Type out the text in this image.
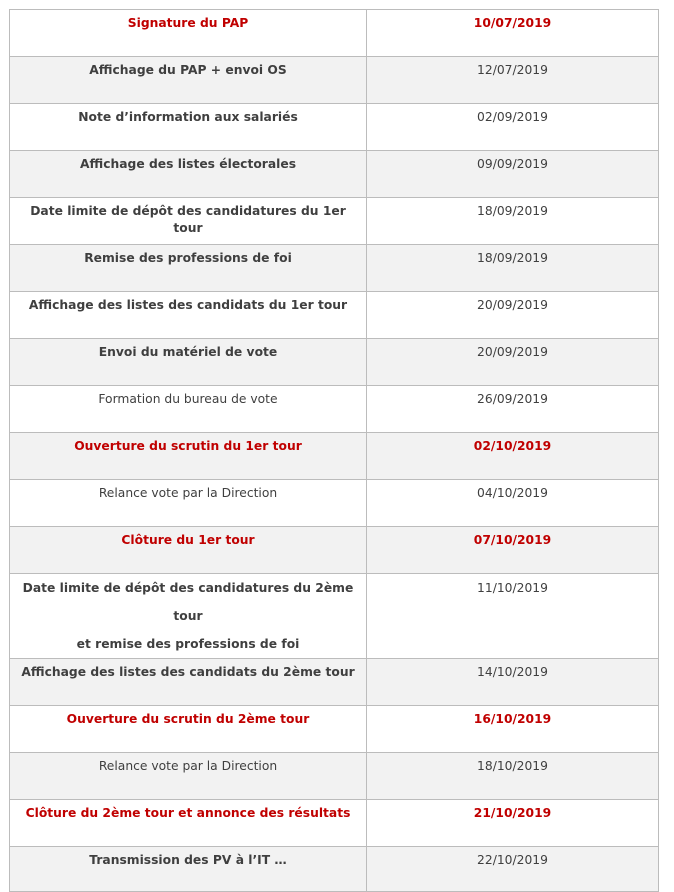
Signature du PAP	10/07/2019
Affichage du PAP + envoi OS	12/07/2019
Note d’information aux salariés	02/09/2019
Affichage des listes électorales	09/09/2019
Date limite de dépôt des candidatures du 1er tour	18/09/2019
Remise des professions de foi	18/09/2019
Affichage des listes des candidats du 1er tour	20/09/2019
Envoi du matériel de vote	20/09/2019
Formation du bureau de vote	26/09/2019
Ouverture du scrutin du 1er tour	02/10/2019
Relance vote par la Direction	04/10/2019
Clôture du 1er tour	07/10/2019

Date limite de dépôt des candidatures du 2ème tour
et remise des professions de foi	11/10/2019
Affichage des listes des candidats du 2ème tour	14/10/2019
Ouverture du scrutin du 2ème tour	16/10/2019
Relance vote par la Direction	18/10/2019
Clôture du 2ème tour et annonce des résultats	21/10/2019
Transmission des PV à l’IT …	22/10/2019
